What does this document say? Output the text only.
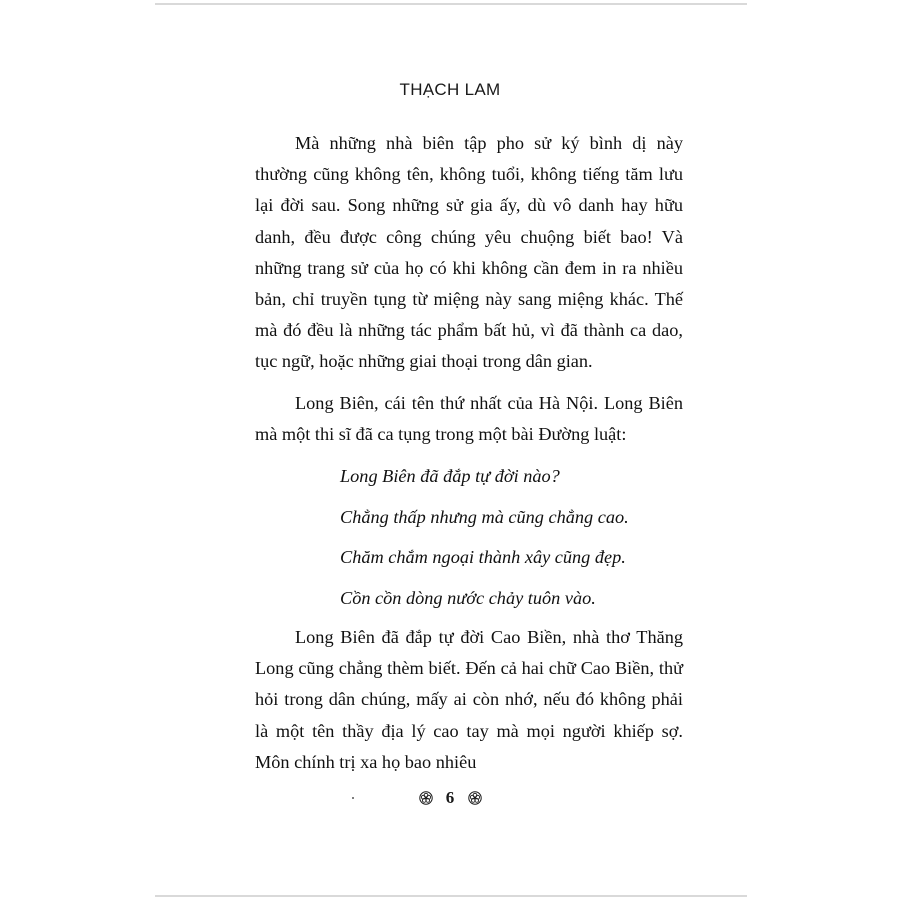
THẠCH LAM

Mà những nhà biên tập pho sử ký bình dị này thường cũng không tên, không tuổi, không tiếng tăm lưu lại đời sau. Song những sử gia ấy, dù vô danh hay hữu danh, đều được công chúng yêu chuộng biết bao! Và những trang sử của họ có khi không cần đem in ra nhiều bản, chỉ truyền tụng từ miệng này sang miệng khác. Thế mà đó đều là những tác phẩm bất hủ, vì đã thành ca dao, tục ngữ, hoặc những giai thoại trong dân gian.

Long Biên, cái tên thứ nhất của Hà Nội. Long Biên mà một thi sĩ đã ca tụng trong một bài Đường luật:

Long Biên đã đắp tự đời nào?
Chẳng thấp nhưng mà cũng chẳng cao.
Chăm chắm ngoại thành xây cũng đẹp.
Cồn cồn dòng nước chảy tuôn vào.

Long Biên đã đắp tự đời Cao Biền, nhà thơ Thăng Long cũng chẳng thèm biết. Đến cả hai chữ Cao Biền, thử hỏi trong dân chúng, mấy ai còn nhớ, nếu đó không phải là một tên thầy địa lý cao tay mà mọi người khiếp sợ. Môn chính trị xa họ bao nhiêu

6
